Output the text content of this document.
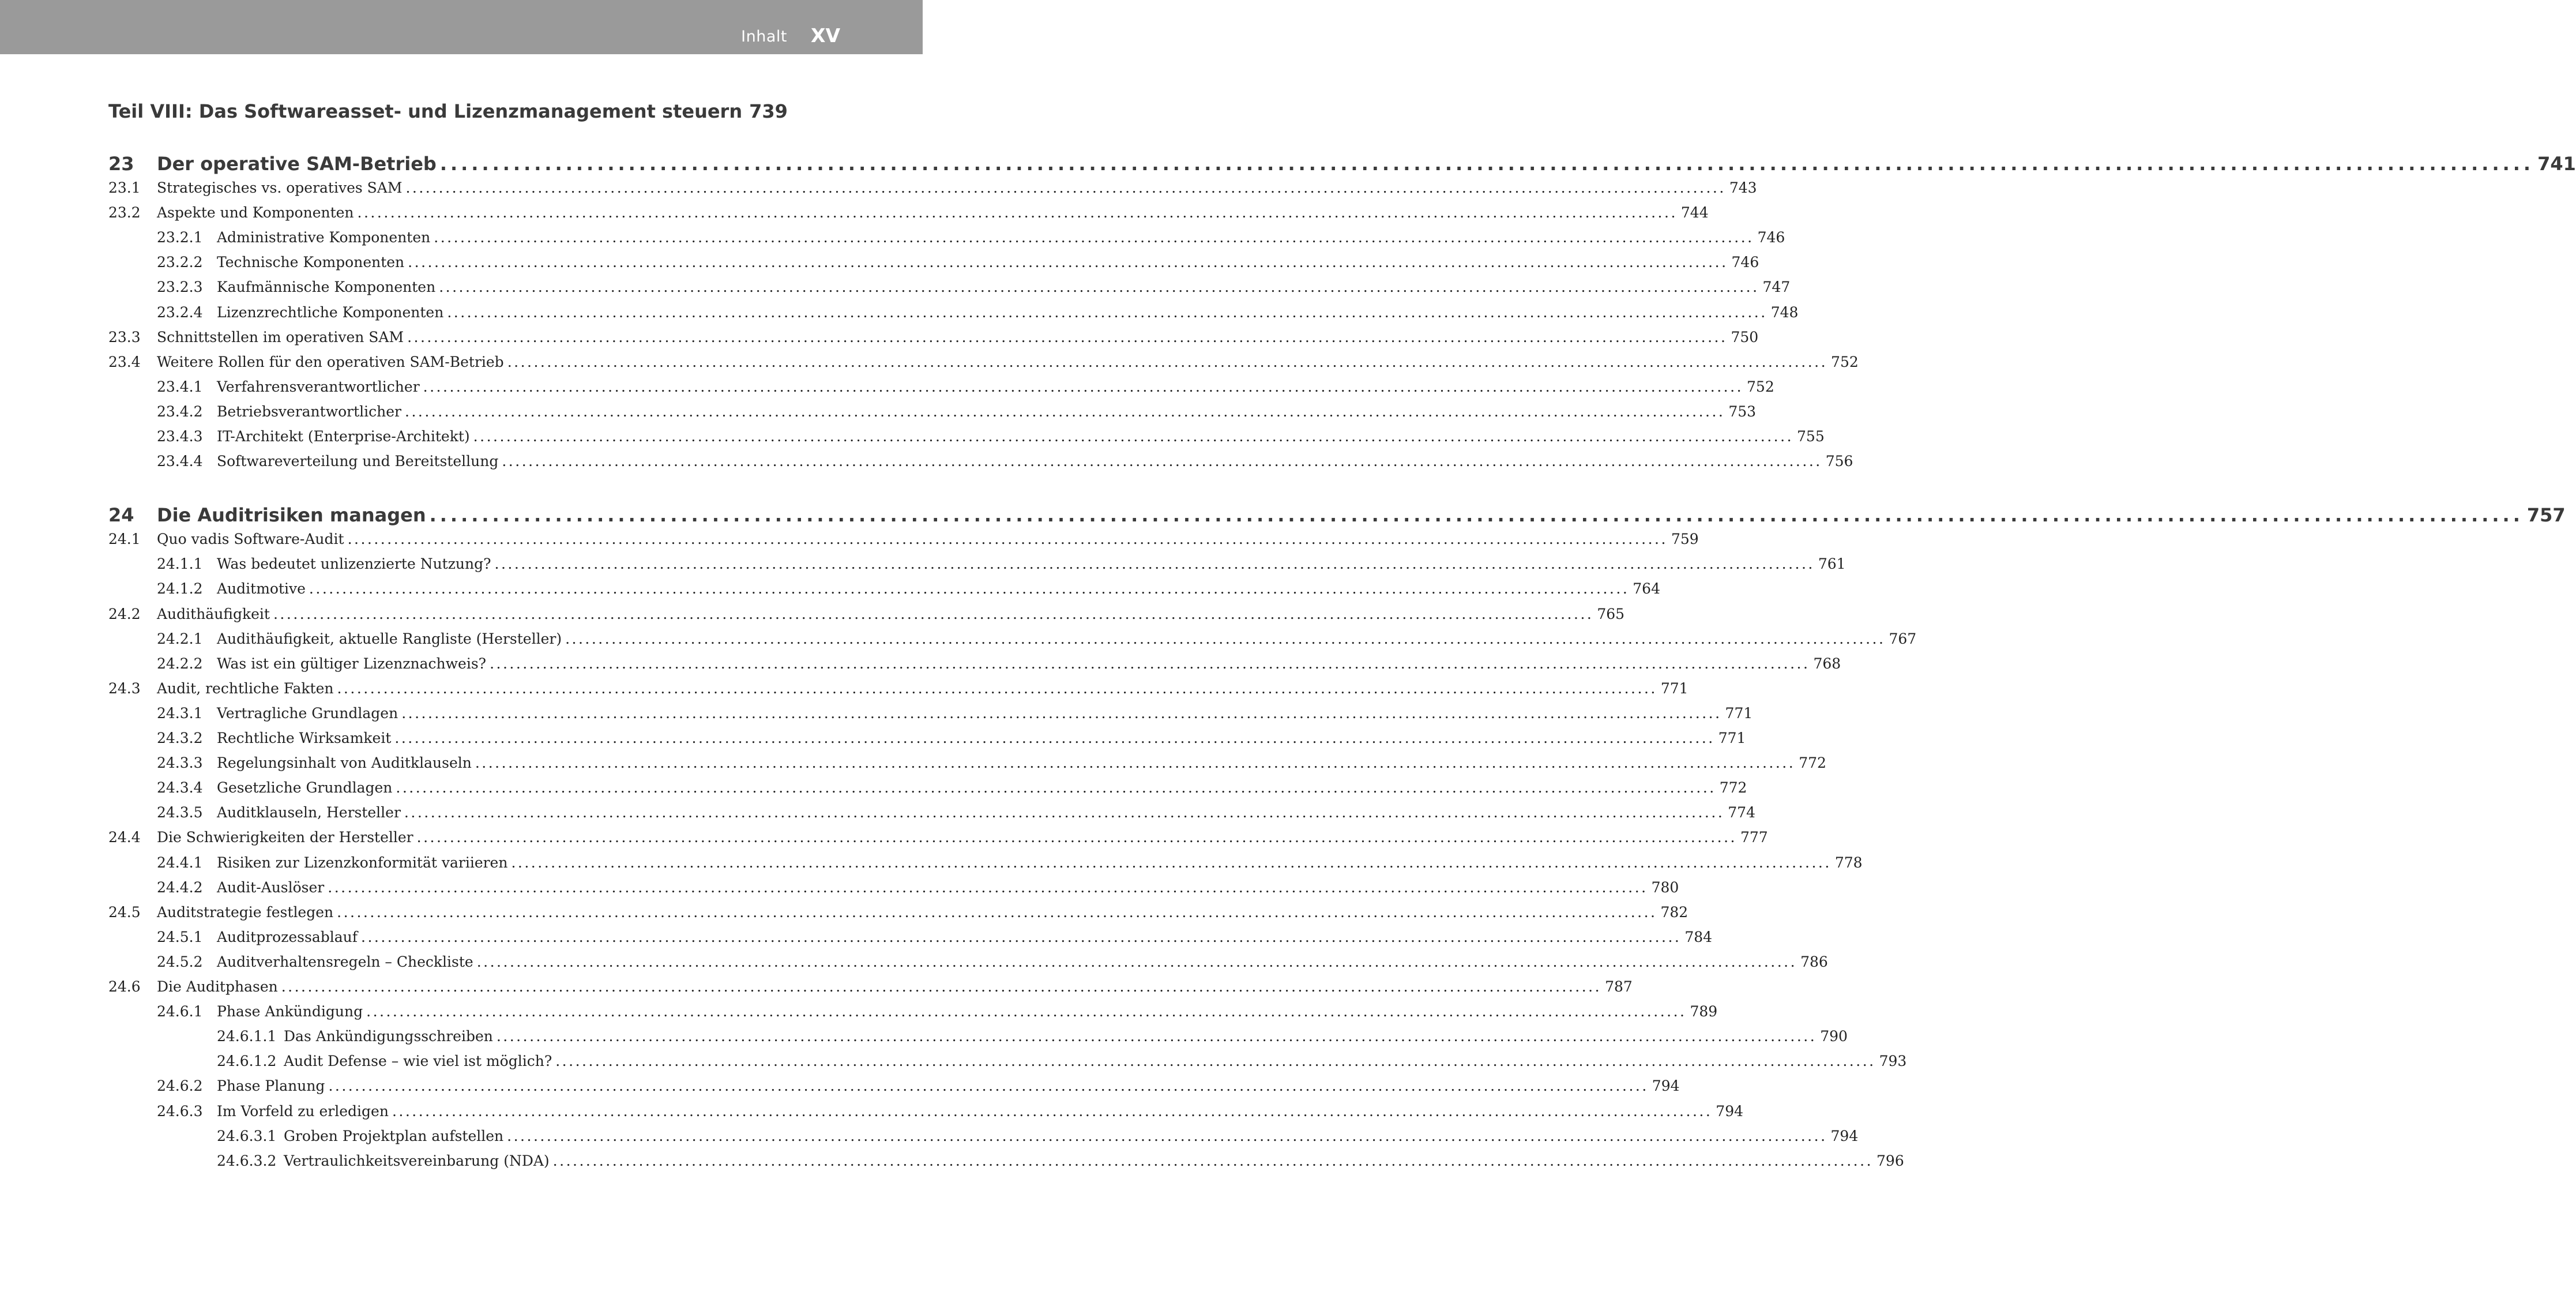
Inhalt XV
Teil VIII: Das Softwareasset- und Lizenzmanagement steuern 739
23	Der operative SAM-Betrieb ........................................................................................................................................................................................................ 741
23.1	Strategisches vs. operatives SAM ........................................................................................................................................................................................................ 743
23.2	Aspekte und Komponenten ........................................................................................................................................................................................................ 744
23.2.1 Administrative Komponenten ........................................................................................................................................................................................................ 746
23.2.2 Technische Komponenten ........................................................................................................................................................................................................ 746
23.2.3 Kaufmännische Komponenten ........................................................................................................................................................................................................ 747
23.2.4 Lizenzrechtliche Komponenten ........................................................................................................................................................................................................ 748
23.3	Schnittstellen im operativen SAM ........................................................................................................................................................................................................ 750
23.4	Weitere Rollen für den operativen SAM-Betrieb ........................................................................................................................................................................................................ 752
23.4.1 Verfahrensverantwortlicher ........................................................................................................................................................................................................ 752
23.4.2 Betriebsverantwortlicher ........................................................................................................................................................................................................ 753
23.4.3 IT-Architekt (Enterprise-Architekt) ........................................................................................................................................................................................................ 755
23.4.4 Softwareverteilung und Bereitstellung ........................................................................................................................................................................................................ 756
24	Die Auditrisiken managen ........................................................................................................................................................................................................ 757
24.1	Quo vadis Software-Audit ........................................................................................................................................................................................................ 759
24.1.1 Was bedeutet unlizenzierte Nutzung? ........................................................................................................................................................................................................ 761
24.1.2 Auditmotive ........................................................................................................................................................................................................ 764
24.2	Audithäufigkeit ........................................................................................................................................................................................................ 765
24.2.1 Audithäufigkeit, aktuelle Rangliste (Hersteller) ........................................................................................................................................................................................................ 767
24.2.2 Was ist ein gültiger Lizenznachweis? ........................................................................................................................................................................................................ 768
24.3	Audit, rechtliche Fakten ........................................................................................................................................................................................................ 771
24.3.1 Vertragliche Grundlagen ........................................................................................................................................................................................................ 771
24.3.2 Rechtliche Wirksamkeit ........................................................................................................................................................................................................ 771
24.3.3 Regelungsinhalt von Auditklauseln ........................................................................................................................................................................................................ 772
24.3.4 Gesetzliche Grundlagen ........................................................................................................................................................................................................ 772
24.3.5 Auditklauseln, Hersteller ........................................................................................................................................................................................................ 774
24.4	Die Schwierigkeiten der Hersteller ........................................................................................................................................................................................................ 777
24.4.1 Risiken zur Lizenzkonformität variieren ........................................................................................................................................................................................................ 778
24.4.2 Audit-Auslöser ........................................................................................................................................................................................................ 780
24.5	Auditstrategie festlegen ........................................................................................................................................................................................................ 782
24.5.1 Auditprozessablauf ........................................................................................................................................................................................................ 784
24.5.2 Auditverhaltensregeln – Checkliste ........................................................................................................................................................................................................ 786
24.6	Die Auditphasen ........................................................................................................................................................................................................ 787
24.6.1 Phase Ankündigung ........................................................................................................................................................................................................ 789
24.6.1.1 Das Ankündigungsschreiben ........................................................................................................................................................................................................ 790
24.6.1.2 Audit Defense – wie viel ist möglich? ........................................................................................................................................................................................................ 793
24.6.2 Phase Planung ........................................................................................................................................................................................................ 794
24.6.3 Im Vorfeld zu erledigen ........................................................................................................................................................................................................ 794
24.6.3.1 Groben Projektplan aufstellen ........................................................................................................................................................................................................ 794
24.6.3.2 Vertraulichkeitsvereinbarung (NDA) ........................................................................................................................................................................................................ 796
